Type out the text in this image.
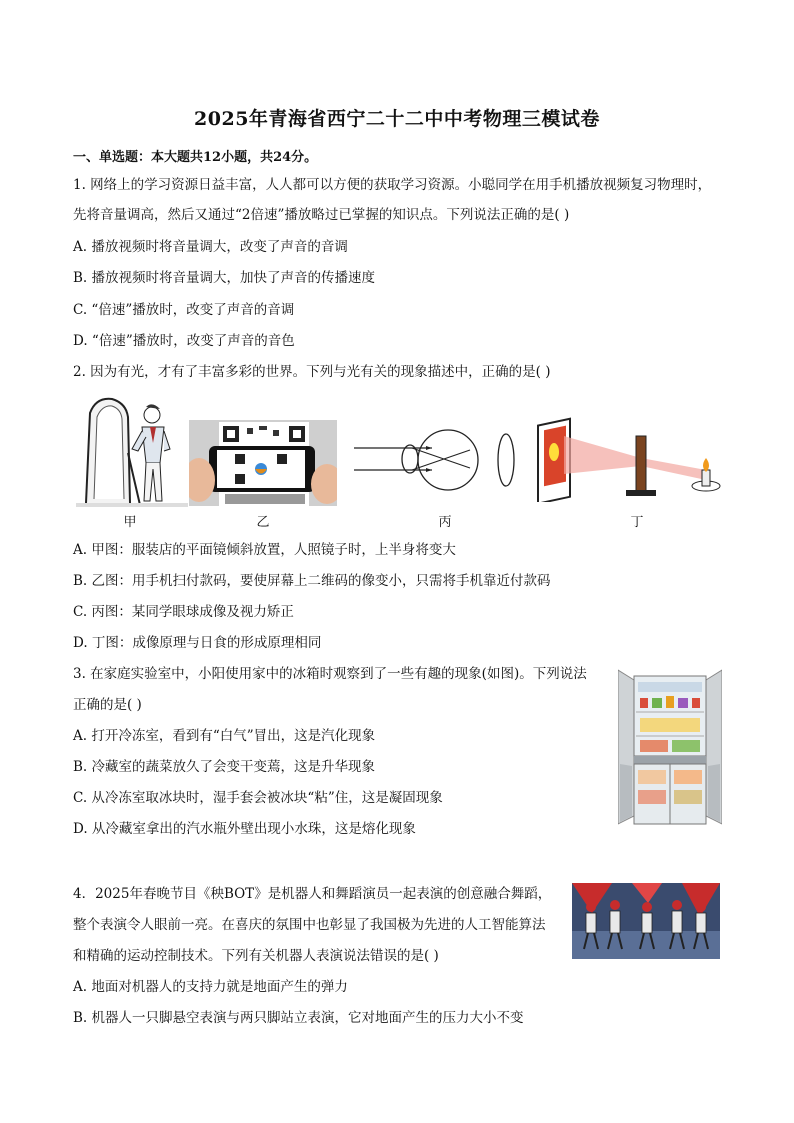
2025年青海省西宁二十二中中考物理三模试卷
一、单选题：本大题共12小题，共24分。
1. 网络上的学习资源日益丰富，人人都可以方便的获取学习资源。小聪同学在用手机播放视频复习物理时，
先将音量调高，然后又通过“2倍速”播放略过已掌握的知识点。下列说法正确的是( )
A. 播放视频时将音量调大，改变了声音的音调
B. 播放视频时将音量调大，加快了声音的传播速度
C. “倍速”播放时，改变了声音的音调
D. “倍速”播放时，改变了声音的音色
2. 因为有光，才有了丰富多彩的世界。下列与光有关的现象描述中，正确的是( )
甲	乙	丙	丁
A. 甲图：服装店的平面镜倾斜放置，人照镜子时，上半身将变大
B. 乙图：用手机扫付款码，要使屏幕上二维码的像变小，只需将手机靠近付款码
C. 丙图：某同学眼球成像及视力矫正
D. 丁图：成像原理与日食的形成原理相同
3. 在家庭实验室中，小阳使用家中的冰箱时观察到了一些有趣的现象(如图)。下列说法
正确的是( )
A. 打开冷冻室，看到有“白气”冒出，这是汽化现象
B. 冷藏室的蔬菜放久了会变干变蔫，这是升华现象
C. 从冷冻室取冰块时，湿手套会被冰块“粘”住，这是凝固现象
D. 从冷藏室拿出的汽水瓶外壁出现小水珠，这是熔化现象
4．2025年春晚节目《秧BOT》是机器人和舞蹈演员一起表演的创意融合舞蹈，
整个表演令人眼前一亮。在喜庆的氛围中也彰显了我国极为先进的人工智能算法
和精确的运动控制技术。下列有关机器人表演说法错误的是( )
A. 地面对机器人的支持力就是地面产生的弹力
B. 机器人一只脚悬空表演与两只脚站立表演，它对地面产生的压力大小不变
